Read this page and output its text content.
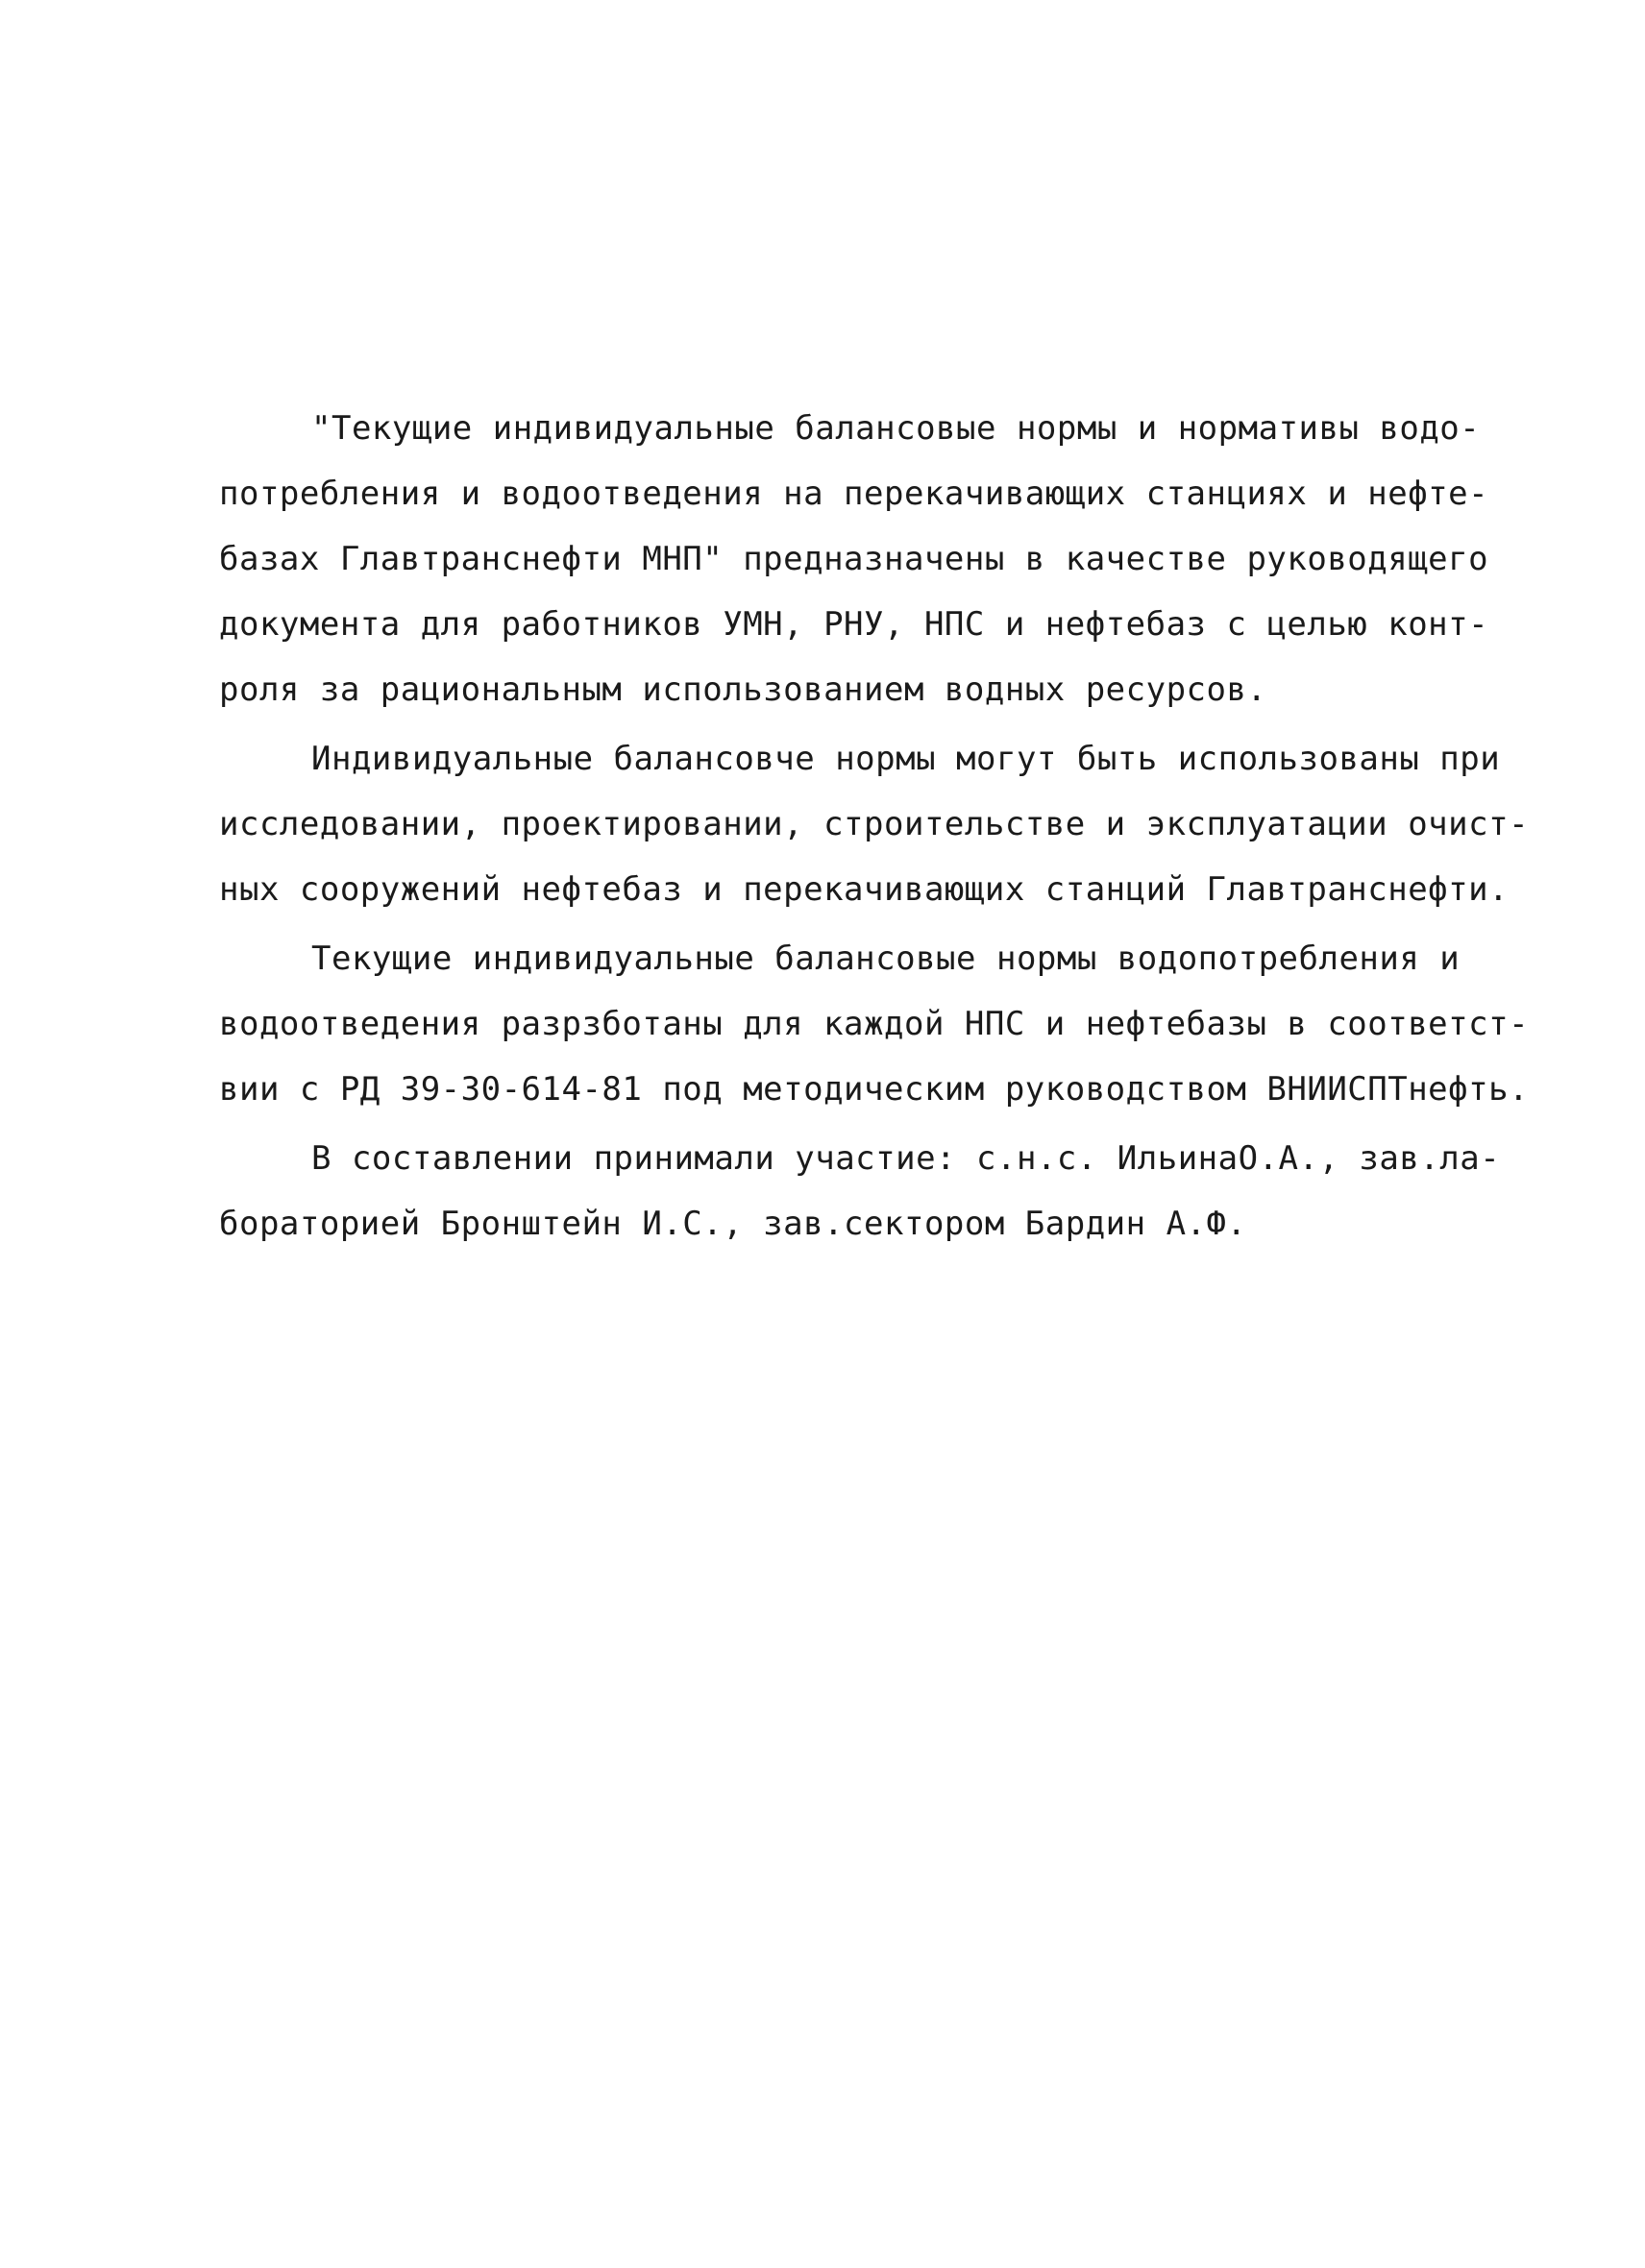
"Текущие индивидуальные балансовые нормы и нормативы водо-
потребления и водоотведения на перекачивающих станциях и нефте-
базах Главтранснефти МНП" предназначены в качестве руководящего
документа для работников УМН, РНУ, НПС и нефтебаз с целью конт-
роля за рациональным использованием водных ресурсов.
Индивидуальные балансовче нормы могут быть использованы при
исследовании, проектировании, строительстве и эксплуатации очист-
ных сооружений нефтебаз и перекачивающих станций Главтранснефти.
Текущие индивидуальные балансовые нормы водопотребления и
водоотведения разрзботаны для каждой НПС и нефтебазы в соответст-
вии с РД 39-30-614-81 под методическим руководством ВНИИСПТнефть.
В составлении принимали участие: с.н.с. ИльинаО.А., зав.ла-
бораторией Бронштейн И.С., зав.сектором Бардин А.Ф.
